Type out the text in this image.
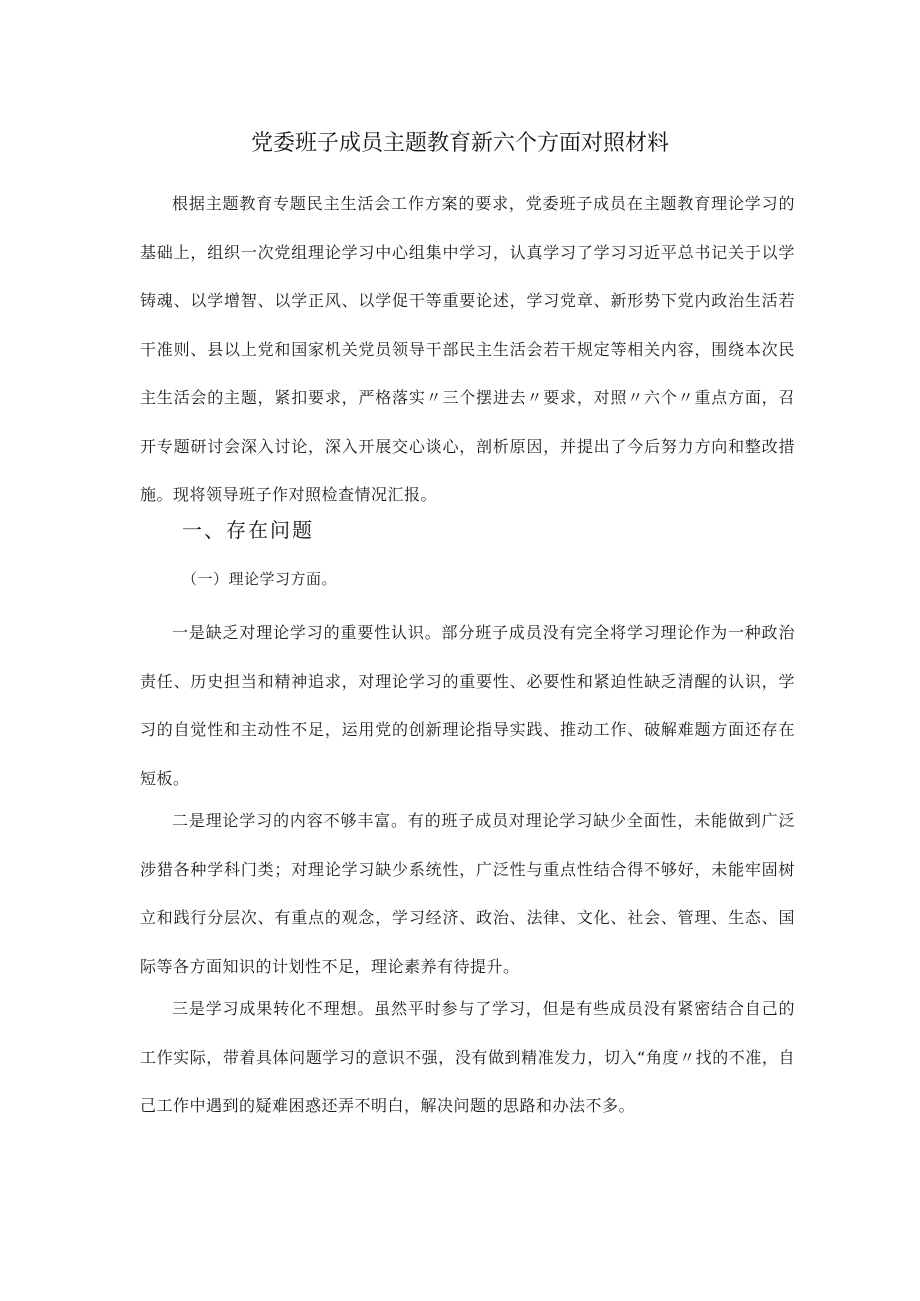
党委班子成员主题教育新六个方面对照材料

根据主题教育专题民主生活会工作方案的要求，党委班子成员在主题教育理论学习的基础上，组织一次党组理论学习中心组集中学习，认真学习了学习习近平总书记关于以学铸魂、以学增智、以学正风、以学促干等重要论述，学习党章、新形势下党内政治生活若干准则、县以上党和国家机关党员领导干部民主生活会若干规定等相关内容，围绕本次民主生活会的主题，紧扣要求，严格落实〃三个摆进去〃要求，对照〃六个〃重点方面，召开专题研讨会深入讨论，深入开展交心谈心，剖析原因，并提出了今后努力方向和整改措施。现将领导班子作对照检查情况汇报。

一、存在问题

（一）理论学习方面。

一是缺乏对理论学习的重要性认识。部分班子成员没有完全将学习理论作为一种政治责任、历史担当和精神追求，对理论学习的重要性、必要性和紧迫性缺乏清醒的认识，学习的自觉性和主动性不足，运用党的创新理论指导实践、推动工作、破解难题方面还存在短板。

二是理论学习的内容不够丰富。有的班子成员对理论学习缺少全面性，未能做到广泛涉猎各种学科门类；对理论学习缺少系统性，广泛性与重点性结合得不够好，未能牢固树立和践行分层次、有重点的观念，学习经济、政治、法律、文化、社会、管理、生态、国际等各方面知识的计划性不足，理论素养有待提升。

三是学习成果转化不理想。虽然平时参与了学习，但是有些成员没有紧密结合自己的工作实际，带着具体问题学习的意识不强，没有做到精准发力，切入“角度〃找的不准，自己工作中遇到的疑难困惑还弄不明白，解决问题的思路和办法不多。
